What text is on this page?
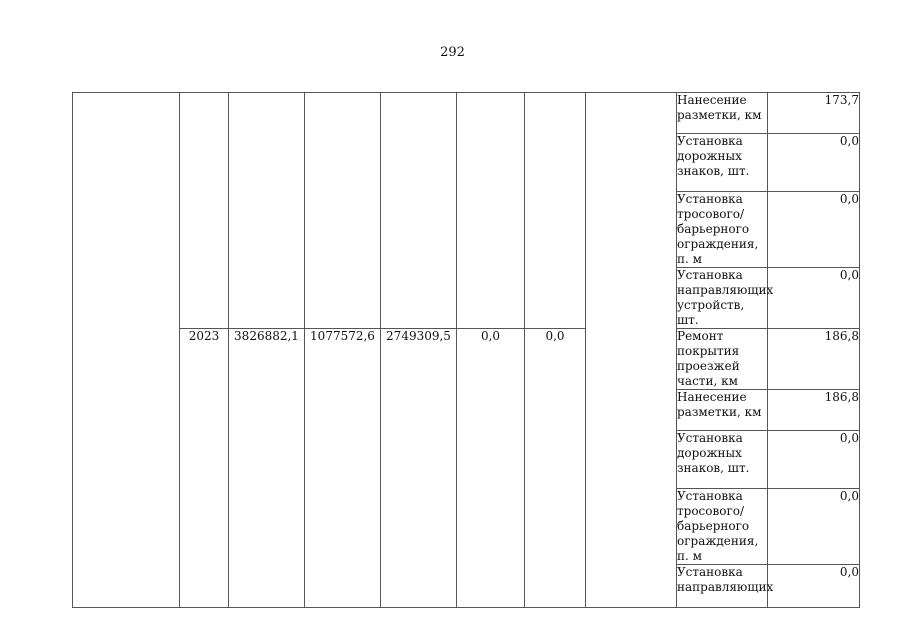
292

								Нанесение разметки, км	173,7

								Установка дорожных знаков, шт.	0,0

								Установка тросового/ барьерного ограждения, п. м	0,0

								Установка направляющих устройств, шт.	0,0

	2023	3826882,1	1077572,6	2749309,5	0,0	0,0		Ремонт покрытия проезжей части, км	186,8

								Нанесение разметки, км	186,8

								Установка дорожных знаков, шт.	0,0

								Установка тросового/ барьерного ограждения, п. м	0,0

								Установка направляющих	0,0
